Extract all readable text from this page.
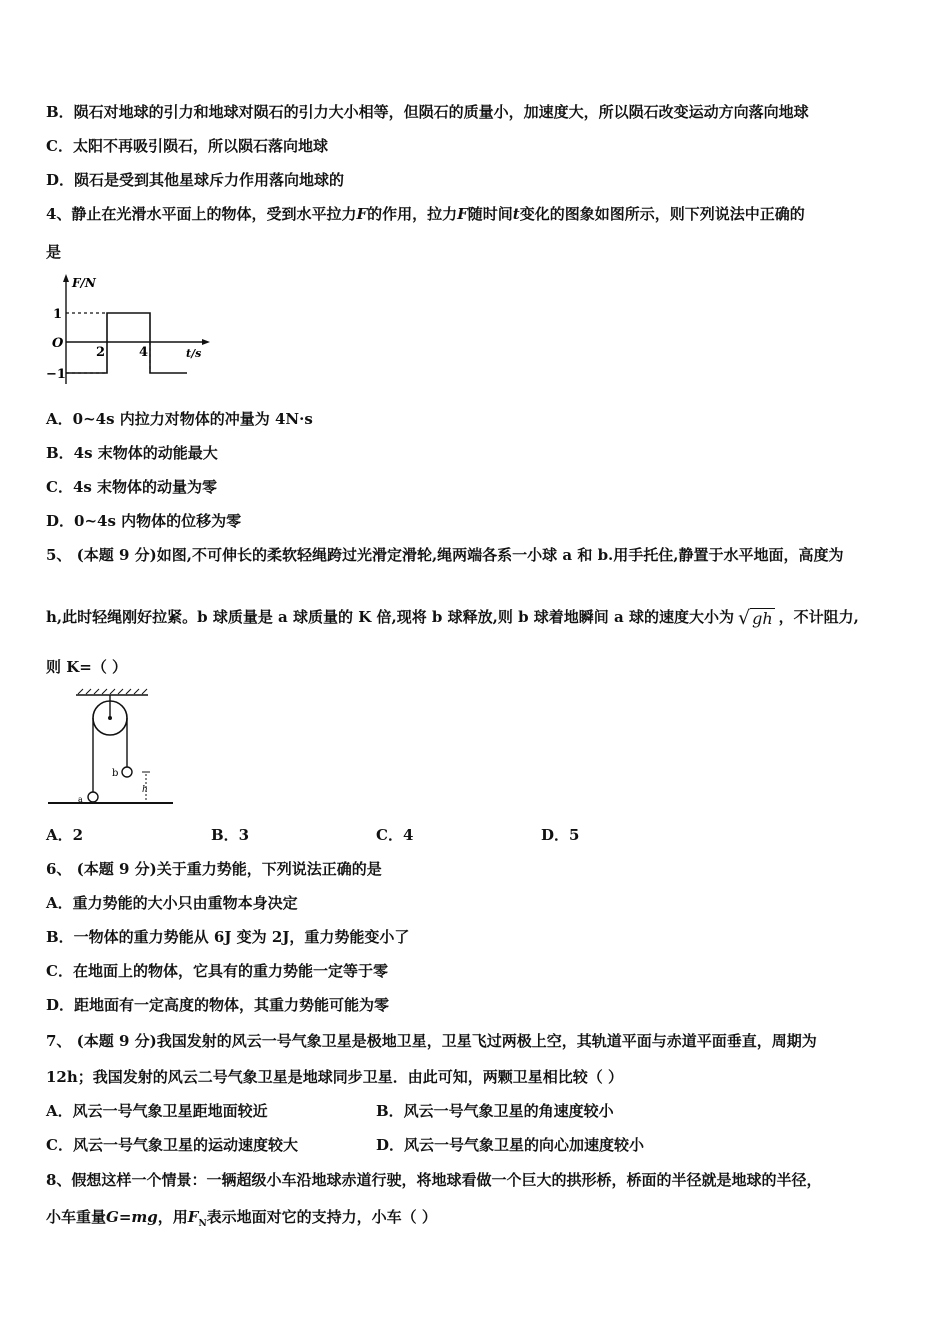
B．陨石对地球的引力和地球对陨石的引力大小相等，但陨石的质量小，加速度大，所以陨石改变运动方向落向地球
C．太阳不再吸引陨石，所以陨石落向地球
D．陨石是受到其他星球斥力作用落向地球的
4、静止在光滑水平面上的物体，受到水平拉力F的作用，拉力F随时间t变化的图象如图所示，则下列说法中正确的
是
F/N
t/s
O
1
−1
2	4
A．0~4s 内拉力对物体的冲量为 4N·s
B．4s 末物体的动能最大
C．4s 末物体的动量为零
D．0~4s 内物体的位移为零
5、 (本题 9 分)如图,不可伸长的柔软轻绳跨过光滑定滑轮,绳两端各系一小球 a 和 b.用手托住,静置于水平地面，高度为
h,此时轻绳刚好拉紧。b 球质量是 a 球质量的 K 倍,现将 b 球释放,则 b 球着地瞬间 a 球的速度大小为 √ gh ，不计阻力,
则 K=（ ）
b
a
h
A．2	B．3	C．4	D．5
6、 (本题 9 分)关于重力势能，下列说法正确的是
A．重力势能的大小只由重物本身决定
B．一物体的重力势能从 6J 变为 2J，重力势能变小了
C．在地面上的物体，它具有的重力势能一定等于零
D．距地面有一定高度的物体，其重力势能可能为零
7、 (本题 9 分)我国发射的风云一号气象卫星是极地卫星，卫星飞过两极上空，其轨道平面与赤道平面垂直，周期为
12h；我国发射的风云二号气象卫星是地球同步卫星．由此可知，两颗卫星相比较（ ）
A．风云一号气象卫星距地面较近	B．风云一号气象卫星的角速度较小
C．风云一号气象卫星的运动速度较大	D．风云一号气象卫星的向心加速度较小
8、假想这样一个情景：一辆超级小车沿地球赤道行驶，将地球看做一个巨大的拱形桥，桥面的半径就是地球的半径，
小车重量G=mg，用$F_N$表示地面对它的支持力，小车（ ）
